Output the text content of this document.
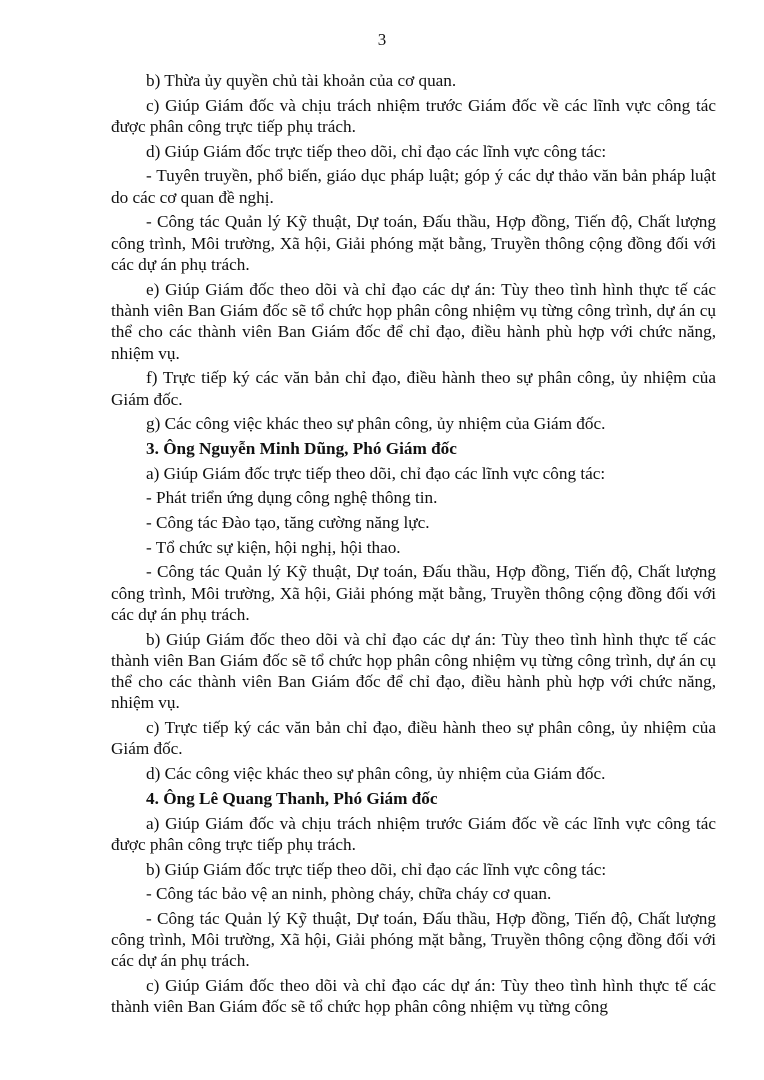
3

b) Thừa ủy quyền chủ tài khoản của cơ quan.

c) Giúp Giám đốc và chịu trách nhiệm trước Giám đốc về các lĩnh vực công tác được phân công trực tiếp phụ trách.

d) Giúp Giám đốc trực tiếp theo dõi, chỉ đạo các lĩnh vực công tác:

- Tuyên truyền, phổ biến, giáo dục pháp luật; góp ý các dự thảo văn bản pháp luật do các cơ quan đề nghị.

- Công tác Quản lý Kỹ thuật, Dự toán, Đấu thầu, Hợp đồng, Tiến độ, Chất lượng công trình, Môi trường, Xã hội, Giải phóng mặt bằng, Truyền thông cộng đồng đối với các dự án phụ trách.

e) Giúp Giám đốc theo dõi và chỉ đạo các dự án: Tùy theo tình hình thực tế các thành viên Ban Giám đốc sẽ tổ chức họp phân công nhiệm vụ từng công trình, dự án cụ thể cho các thành viên Ban Giám đốc để chỉ đạo, điều hành phù hợp với chức năng, nhiệm vụ.

f) Trực tiếp ký các văn bản chỉ đạo, điều hành theo sự phân công, ủy nhiệm của Giám đốc.

g) Các công việc khác theo sự phân công, ủy nhiệm của Giám đốc.

3. Ông Nguyễn Minh Dũng, Phó Giám đốc

a) Giúp Giám đốc trực tiếp theo dõi, chỉ đạo các lĩnh vực công tác:

- Phát triển ứng dụng công nghệ thông tin.

- Công tác Đào tạo, tăng cường năng lực.

- Tổ chức sự kiện, hội nghị, hội thao.

- Công tác Quản lý Kỹ thuật, Dự toán, Đấu thầu, Hợp đồng, Tiến độ, Chất lượng công trình, Môi trường, Xã hội, Giải phóng mặt bằng, Truyền thông cộng đồng đối với các dự án phụ trách.

b) Giúp Giám đốc theo dõi và chỉ đạo các dự án: Tùy theo tình hình thực tế các thành viên Ban Giám đốc sẽ tổ chức họp phân công nhiệm vụ từng công trình, dự án cụ thể cho các thành viên Ban Giám đốc để chỉ đạo, điều hành phù hợp với chức năng, nhiệm vụ.

c) Trực tiếp ký các văn bản chỉ đạo, điều hành theo sự phân công, ủy nhiệm của Giám đốc.

d) Các công việc khác theo sự phân công, ủy nhiệm của Giám đốc.

4. Ông Lê Quang Thanh, Phó Giám đốc

a) Giúp Giám đốc và chịu trách nhiệm trước Giám đốc về các lĩnh vực công tác được phân công trực tiếp phụ trách.

b) Giúp Giám đốc trực tiếp theo dõi, chỉ đạo các lĩnh vực công tác:

- Công tác bảo vệ an ninh, phòng cháy, chữa cháy cơ quan.

- Công tác Quản lý Kỹ thuật, Dự toán, Đấu thầu, Hợp đồng, Tiến độ, Chất lượng công trình, Môi trường, Xã hội, Giải phóng mặt bằng, Truyền thông cộng đồng đối với các dự án phụ trách.

c) Giúp Giám đốc theo dõi và chỉ đạo các dự án: Tùy theo tình hình thực tế các thành viên Ban Giám đốc sẽ tổ chức họp phân công nhiệm vụ từng công
